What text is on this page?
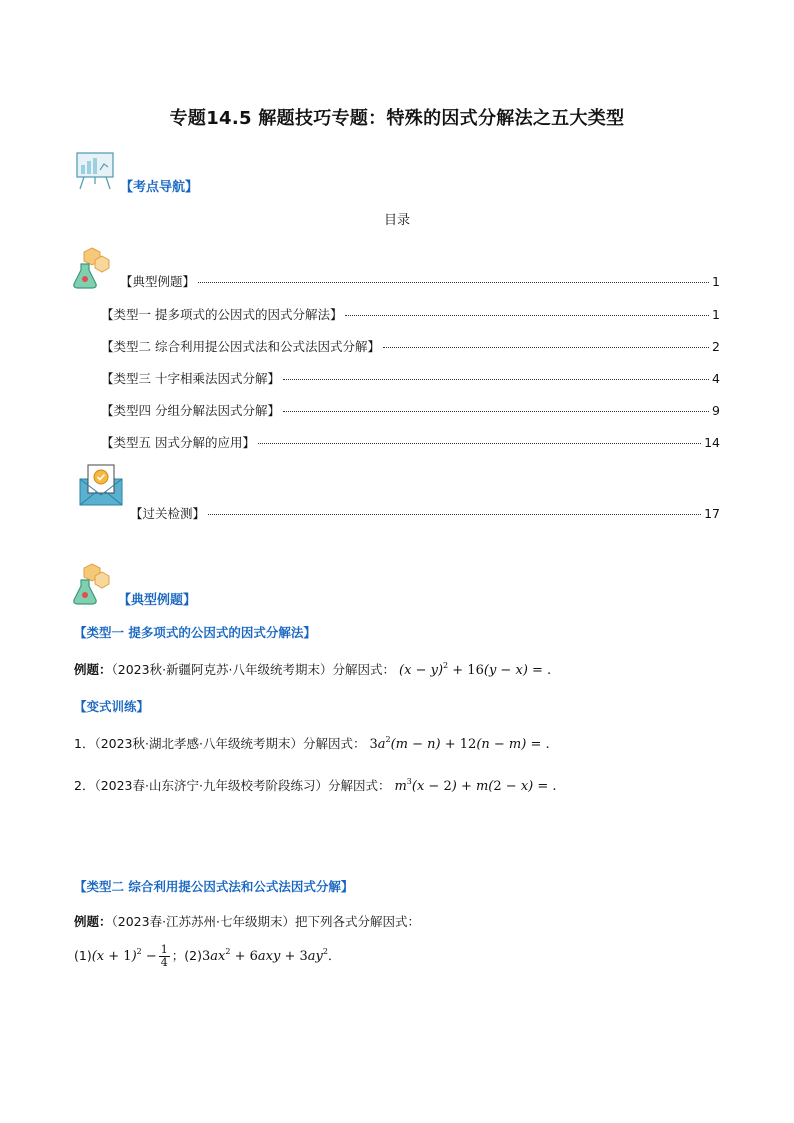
专题14.5 解题技巧专题：特殊的因式分解法之五大类型
【考点导航】
目录
【典型例题】	1
【类型一 提多项式的公因式的因式分解法】	1
【类型二 综合利用提公因式法和公式法因式分解】	2
【类型三 十字相乘法因式分解】	4
【类型四 分组分解法因式分解】	9
【类型五 因式分解的应用】	14
【过关检测】	17
【典型例题】
【类型一 提多项式的公因式的因式分解法】
例题：（2023秋·新疆阿克苏·八年级统考期末）分解因式： $(x - y)^2 + 16(y - x)$ = .
【变式训练】
1．（2023秋·湖北孝感·八年级统考期末）分解因式： $3a^2(m - n) + 12(n - m)$ = .
2．（2023春·山东济宁·九年级校考阶段练习）分解因式： $m^3(x - 2) + m(2 - x)$ = .
【类型二 综合利用提公因式法和公式法因式分解】
例题：（2023春·江苏苏州·七年级期末）把下列各式分解因式：
$(1)(x + 1)^2 - \frac{1}{4}$ ；$(2)3ax^2 + 6axy + 3ay^2$．
